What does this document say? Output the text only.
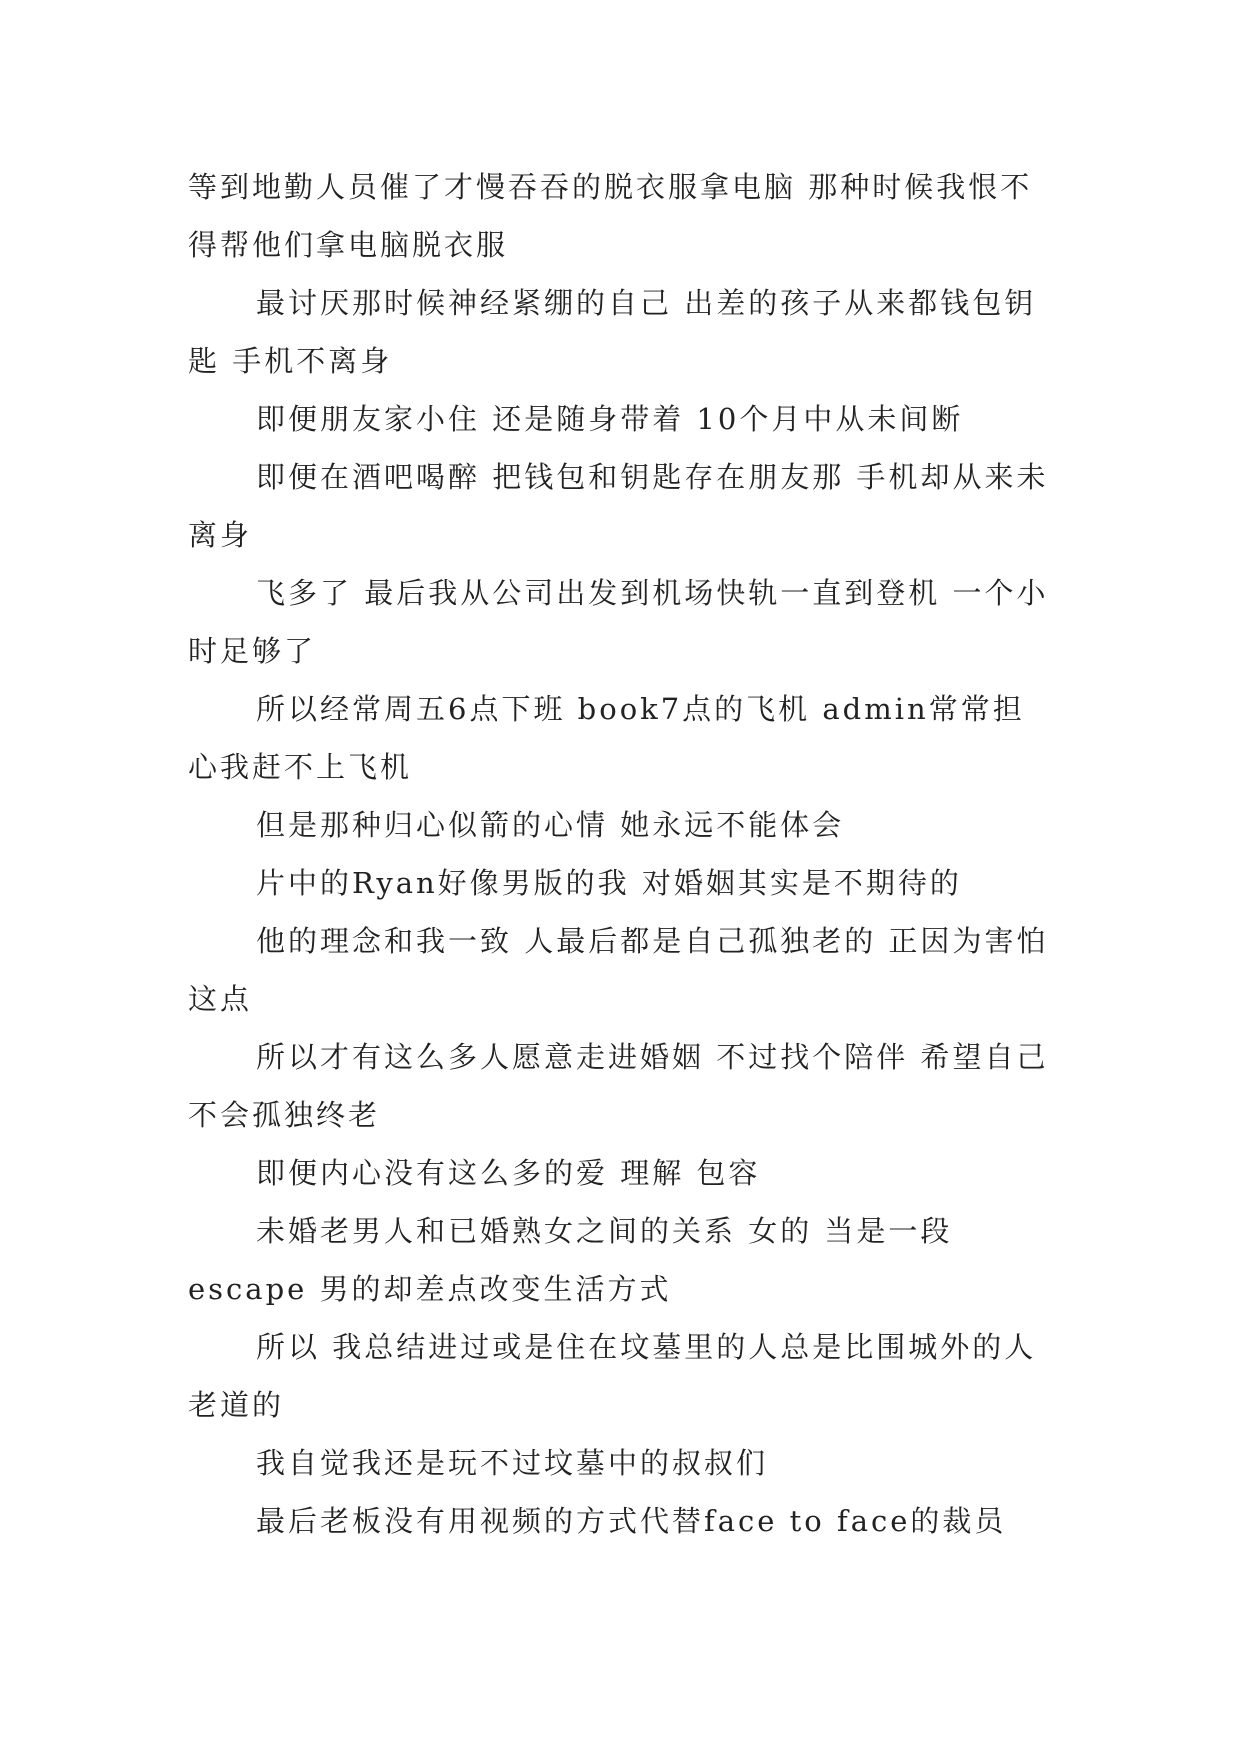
等到地勤人员催了才慢吞吞的脱衣服拿电脑 那种时候我恨不得帮他们拿电脑脱衣服

最讨厌那时候神经紧绷的自己 出差的孩子从来都钱包钥匙 手机不离身

即便朋友家小住 还是随身带着 10个月中从未间断

即便在酒吧喝醉 把钱包和钥匙存在朋友那 手机却从来未离身

飞多了 最后我从公司出发到机场快轨一直到登机 一个小时足够了

所以经常周五6点下班 book7点的飞机 admin常常担心我赶不上飞机

但是那种归心似箭的心情 她永远不能体会

片中的Ryan好像男版的我 对婚姻其实是不期待的

他的理念和我一致 人最后都是自己孤独老的 正因为害怕这点

所以才有这么多人愿意走进婚姻 不过找个陪伴 希望自己不会孤独终老

即便内心没有这么多的爱 理解 包容

未婚老男人和已婚熟女之间的关系 女的 当是一段escape 男的却差点改变生活方式

所以 我总结进过或是住在坟墓里的人总是比围城外的人老道的

我自觉我还是玩不过坟墓中的叔叔们

最后老板没有用视频的方式代替face to face的裁员
